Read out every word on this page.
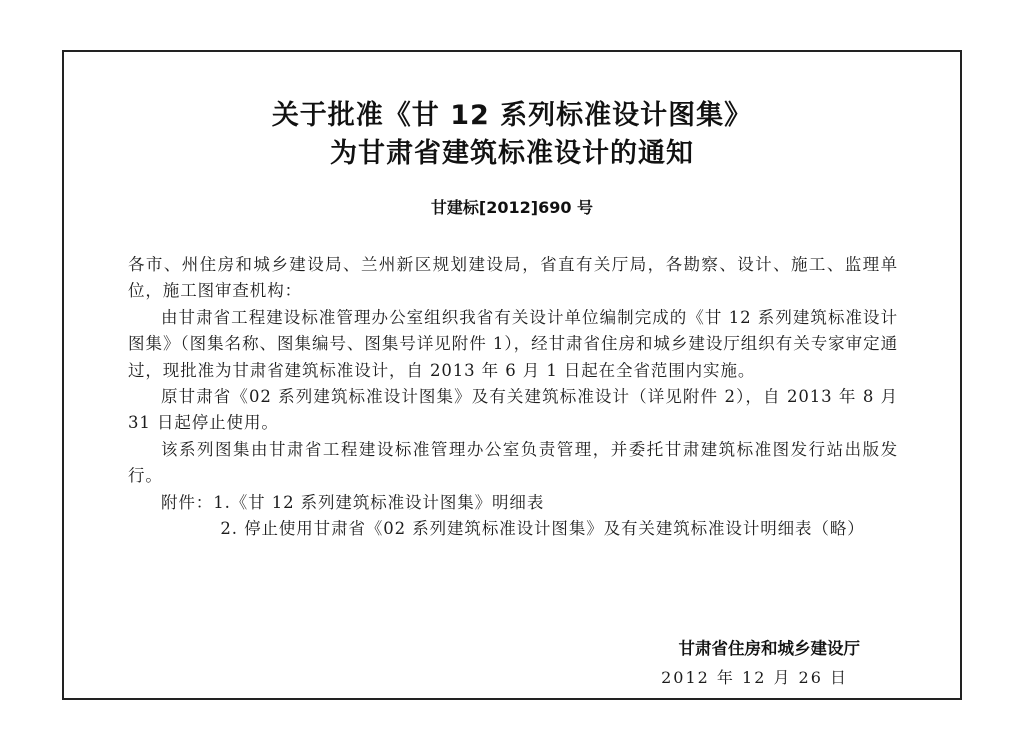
关于批准《甘 12 系列标准设计图集》
为甘肃省建筑标准设计的通知
甘建标[2012]690 号

各市、州住房和城乡建设局、兰州新区规划建设局，省直有关厅局，各勘察、设计、施工、监理单位，施工图审查机构：

由甘肃省工程建设标准管理办公室组织我省有关设计单位编制完成的《甘 12 系列建筑标准设计图集》（图集名称、图集编号、图集号详见附件 1），经甘肃省住房和城乡建设厅组织有关专家审定通过，现批准为甘肃省建筑标准设计，自 2013 年 6 月 1 日起在全省范围内实施。

原甘肃省《02 系列建筑标准设计图集》及有关建筑标准设计（详见附件 2），自 2013 年 8 月 31 日起停止使用。

该系列图集由甘肃省工程建设标准管理办公室负责管理，并委托甘肃建筑标准图发行站出版发行。

附件：1.《甘 12 系列建筑标准设计图集》明细表

2. 停止使用甘肃省《02 系列建筑标准设计图集》及有关建筑标准设计明细表（略）

甘肃省住房和城乡建设厅
2012 年 12 月 26 日
